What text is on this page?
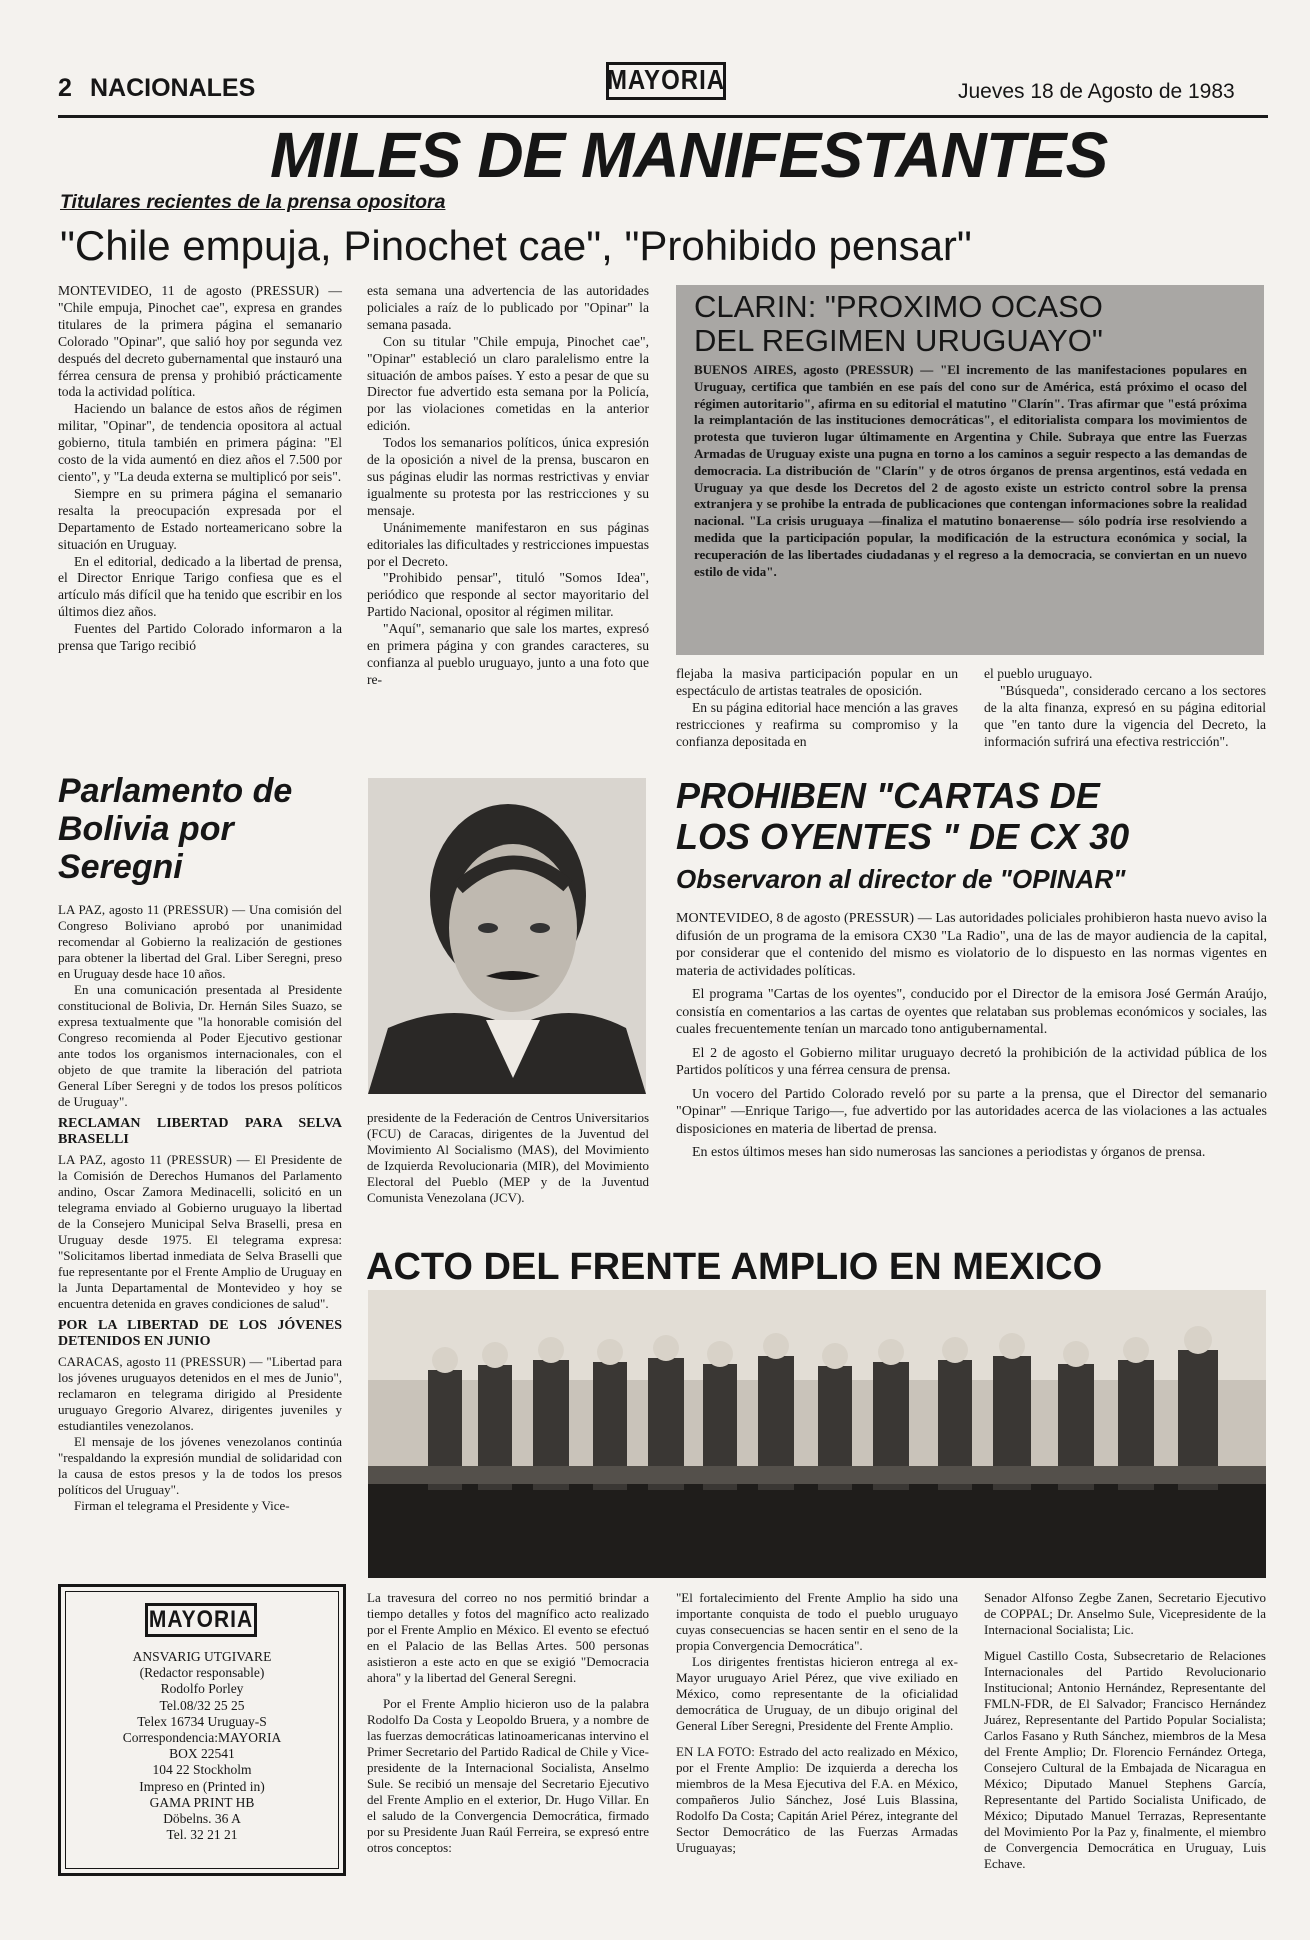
2 NACIONALES	MAYORIA	Jueves 18 de Agosto de 1983
MILES DE MANIFESTANTES
Titulares recientes de la prensa opositora
"Chile empuja, Pinochet cae", "Prohibido pensar"

MONTEVIDEO, 11 de agosto (PRESSUR) — "Chile empuja, Pinochet cae", expresa en grandes titulares de la primera página el semanario Colorado "Opinar", que salió hoy por segunda vez después del decreto gubernamental que instauró una férrea censura de prensa y prohibió prácticamente toda la actividad política.

Haciendo un balance de estos años de régimen militar, "Opinar", de tendencia opositora al actual gobierno, titula también en primera página: "El costo de la vida aumentó en diez años el 7.500 por ciento", y "La deuda externa se multiplicó por seis".

Siempre en su primera página el semanario resalta la preocupación expresada por el Departamento de Estado norteamericano sobre la situación en Uruguay.

En el editorial, dedicado a la libertad de prensa, el Director Enrique Tarigo confiesa que es el artículo más difícil que ha tenido que escribir en los últimos diez años.

Fuentes del Partido Colorado informaron a la prensa que Tarigo recibió

esta semana una advertencia de las autoridades policiales a raíz de lo publicado por "Opinar" la semana pasada.

Con su titular "Chile empuja, Pinochet cae", "Opinar" estableció un claro paralelismo entre la situación de ambos países. Y esto a pesar de que su Director fue advertido esta semana por la Policía, por las violaciones cometidas en la anterior edición.

Todos los semanarios políticos, única expresión de la oposición a nivel de la prensa, buscaron en sus páginas eludir las normas restrictivas y enviar igualmente su protesta por las restricciones y su mensaje.

Unánimemente manifestaron en sus páginas editoriales las dificultades y restricciones impuestas por el Decreto.

"Prohibido pensar", tituló "Somos Idea", periódico que responde al sector mayoritario del Partido Nacional, opositor al régimen militar.

"Aquí", semanario que sale los martes, expresó en primera página y con grandes caracteres, su confianza al pueblo uruguayo, junto a una foto que re-

CLARIN: "PROXIMO OCASO
DEL REGIMEN URUGUAYO"
BUENOS AIRES, agosto (PRESSUR) — "El incremento de las manifestaciones populares en Uruguay, certifica que también en ese país del cono sur de América, está próximo el ocaso del régimen autoritario", afirma en su editorial el matutino "Clarín". Tras afirmar que "está próxima la reimplantación de las instituciones democráticas", el editorialista compara los movimientos de protesta que tuvieron lugar últimamente en Argentina y Chile. Subraya que entre las Fuerzas Armadas de Uruguay existe una pugna en torno a los caminos a seguir respecto a las demandas de democracia. La distribución de "Clarín" y de otros órganos de prensa argentinos, está vedada en Uruguay ya que desde los Decretos del 2 de agosto existe un estricto control sobre la prensa extranjera y se prohibe la entrada de publicaciones que contengan informaciones sobre la realidad nacional. "La crisis uruguaya —finaliza el matutino bonaerense— sólo podría irse resolviendo a medida que la participación popular, la modificación de la estructura económica y social, la recuperación de las libertades ciudadanas y el regreso a la democracia, se conviertan en un nuevo estilo de vida".

flejaba la masiva participación popular en un espectáculo de artistas teatrales de oposición.

En su página editorial hace mención a las graves restricciones y reafirma su compromiso y la confianza depositada en

el pueblo uruguayo.

"Búsqueda", considerado cercano a los sectores de la alta finanza, expresó en su página editorial que "en tanto dure la vigencia del Decreto, la información sufrirá una efectiva restricción".

Parlamento de Bolivia por Seregni

LA PAZ, agosto 11 (PRESSUR) — Una comisión del Congreso Boliviano aprobó por unanimidad recomendar al Gobierno la realización de gestiones para obtener la libertad del Gral. Liber Seregni, preso en Uruguay desde hace 10 años.

En una comunicación presentada al Presidente constitucional de Bolivia, Dr. Hernán Siles Suazo, se expresa textualmente que "la honorable comisión del Congreso recomienda al Poder Ejecutivo gestionar ante todos los organismos internacionales, con el objeto de que tramite la liberación del patriota General Líber Seregni y de todos los presos políticos de Uruguay".

RECLAMAN LIBERTAD PARA SELVA BRASELLI

LA PAZ, agosto 11 (PRESSUR) — El Presidente de la Comisión de Derechos Humanos del Parlamento andino, Oscar Zamora Medinacelli, solicitó en un telegrama enviado al Gobierno uruguayo la libertad de la Consejero Municipal Selva Braselli, presa en Uruguay desde 1975. El telegrama expresa: "Solicitamos libertad inmediata de Selva Braselli que fue representante por el Frente Amplio de Uruguay en la Junta Departamental de Montevideo y hoy se encuentra detenida en graves condiciones de salud".

POR LA LIBERTAD DE LOS JÓVENES DETENIDOS EN JUNIO

CARACAS, agosto 11 (PRESSUR) — "Libertad para los jóvenes uruguayos detenidos en el mes de Junio", reclamaron en telegrama dirigido al Presidente uruguayo Gregorio Alvarez, dirigentes juveniles y estudiantiles venezolanos.

El mensaje de los jóvenes venezolanos continúa "respaldando la expresión mundial de solidaridad con la causa de estos presos y la de todos los presos políticos del Uruguay".

Firman el telegrama el Presidente y Vice-

presidente de la Federación de Centros Universitarios (FCU) de Caracas, dirigentes de la Juventud del Movimiento Al Socialismo (MAS), del Movimiento de Izquierda Revolucionaria (MIR), del Movimiento Electoral del Pueblo (MEP y de la Juventud Comunista Venezolana (JCV).
PROHIBEN "CARTAS DE
LOS OYENTES " DE CX 30
Observaron al director de "OPINAR"

MONTEVIDEO, 8 de agosto (PRESSUR) — Las autoridades policiales prohibieron hasta nuevo aviso la difusión de un programa de la emisora CX30 "La Radio", una de las de mayor audiencia de la capital, por considerar que el contenido del mismo es violatorio de lo dispuesto en las normas vigentes en materia de actividades políticas.

El programa "Cartas de los oyentes", conducido por el Director de la emisora José Germán Araújo, consistía en comentarios a las cartas de oyentes que relataban sus problemas económicos y sociales, las cuales frecuentemente tenían un marcado tono antigubernamental.

El 2 de agosto el Gobierno militar uruguayo decretó la prohibición de la actividad pública de los Partidos políticos y una férrea censura de prensa.

Un vocero del Partido Colorado reveló por su parte a la prensa, que el Director del semanario "Opinar" —Enrique Tarigo—, fue advertido por las autoridades acerca de las violaciones a las actuales disposiciones en materia de libertad de prensa.

En estos últimos meses han sido numerosas las sanciones a periodistas y órganos de prensa.

ACTO DEL FRENTE AMPLIO EN MEXICO

La travesura del correo no nos permitió brindar a tiempo detalles y fotos del magnífico acto realizado por el Frente Amplio en México. El evento se efectuó en el Palacio de las Bellas Artes. 500 personas asistieron a este acto en que se exigió "Democracia ahora" y la libertad del General Seregni.

Por el Frente Amplio hicieron uso de la palabra Rodolfo Da Costa y Leopoldo Bruera, y a nombre de las fuerzas democráticas latinoamericanas intervino el Primer Secretario del Partido Radical de Chile y Vice-presidente de la Internacional Socialista, Anselmo Sule. Se recibió un mensaje del Secretario Ejecutivo del Frente Amplio en el exterior, Dr. Hugo Villar. En el saludo de la Convergencia Democrática, firmado por su Presidente Juan Raúl Ferreira, se expresó entre otros conceptos:

"El fortalecimiento del Frente Amplio ha sido una importante conquista de todo el pueblo uruguayo cuyas consecuencias se hacen sentir en el seno de la propia Convergencia Democrática".

Los dirigentes frentistas hicieron entrega al ex-Mayor uruguayo Ariel Pérez, que vive exiliado en México, como representante de la oficialidad democrática de Uruguay, de un dibujo original del General Líber Seregni, Presidente del Frente Amplio.

EN LA FOTO: Estrado del acto realizado en México, por el Frente Amplio: De izquierda a derecha los miembros de la Mesa Ejecutiva del F.A. en México, compañeros Julio Sánchez, José Luis Blassina, Rodolfo Da Costa; Capitán Ariel Pérez, integrante del Sector Democrático de las Fuerzas Armadas Uruguayas;

Senador Alfonso Zegbe Zanen, Secretario Ejecutivo de COPPAL; Dr. Anselmo Sule, Vicepresidente de la Internacional Socialista; Lic.

Miguel Castillo Costa, Subsecretario de Relaciones Internacionales del Partido Revolucionario Institucional; Antonio Hernández, Representante del FMLN-FDR, de El Salvador; Francisco Hernández Juárez, Representante del Partido Popular Socialista; Carlos Fasano y Ruth Sánchez, miembros de la Mesa del Frente Amplio; Dr. Florencio Fernández Ortega, Consejero Cultural de la Embajada de Nicaragua en México; Diputado Manuel Stephens García, Representante del Partido Socialista Unificado, de México; Diputado Manuel Terrazas, Representante del Movimiento Por la Paz y, finalmente, el miembro de Convergencia Democrática en Uruguay, Luis Echave.

MAYORIA
ANSVARIG UTGIVARE
(Redactor responsable)
Rodolfo Porley
Tel.08/32 25 25
Telex 16734 Uruguay-S
Correspondencia:MAYORIA
BOX 22541
104 22 Stockholm
Impreso en (Printed in)
GAMA PRINT HB
Döbelns. 36 A
Tel. 32 21 21
